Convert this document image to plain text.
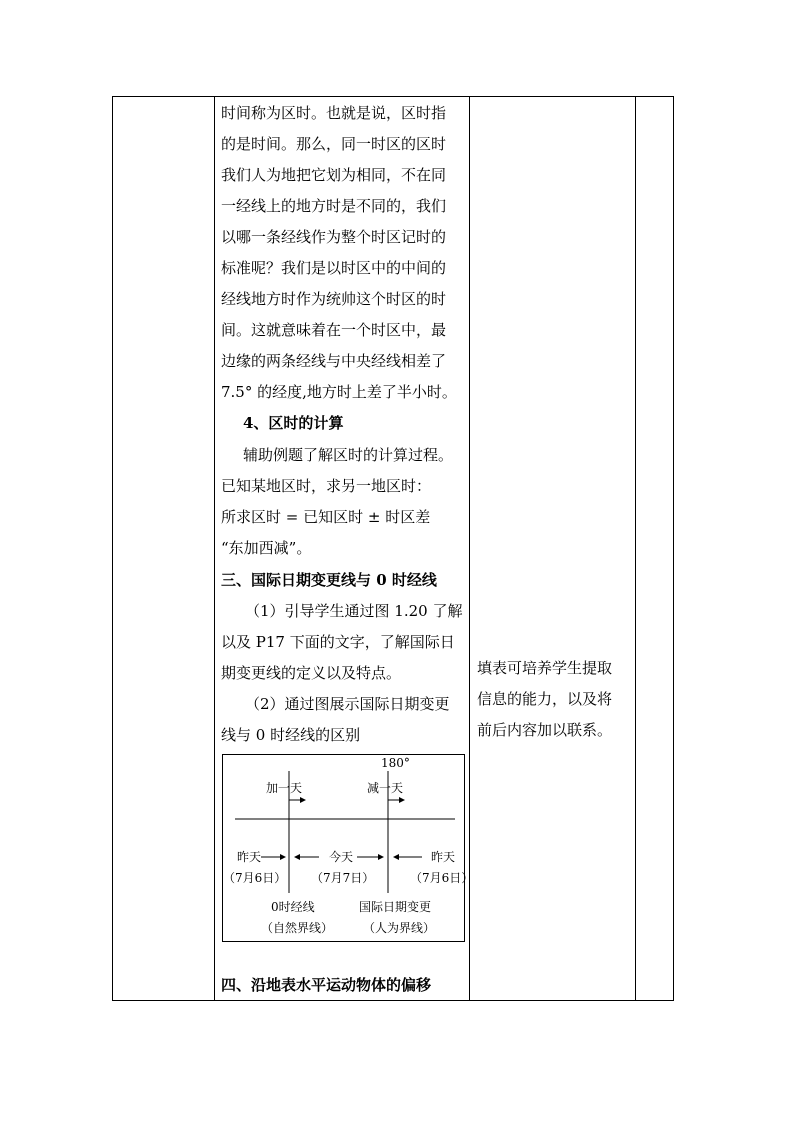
时间称为区时。也就是说，区时指
的是时间。那么，同一时区的区时
我们人为地把它划为相同，不在同
一经线上的地方时是不同的，我们
以哪一条经线作为整个时区记时的
标准呢？我们是以时区中的中间的
经线地方时作为统帅这个时区的时
间。这就意味着在一个时区中，最
边缘的两条经线与中央经线相差了
7.5° 的经度,地方时上差了半小时。
4、区时的计算
辅助例题了解区时的计算过程。
已知某地区时，求另一地区时：
所求区时 = 已知区时 ± 时区差
“东加西减”。
三、国际日期变更线与 0 时经线
（1）引导学生通过图 1.20 了解
以及 P17 下面的文字，了解国际日
期变更线的定义以及特点。
（2）通过图展示国际日期变更
线与 0 时经线的区别
四、沿地表水平运动物体的偏移
填表可培养学生提取
信息的能力，以及将
前后内容加以联系。
180°
加一天	减一天
昨天
（7月6日）
今天
（7月7日）
昨天
（7月6日）
0时经线
（自然界线）
国际日期变更
（人为界线）
